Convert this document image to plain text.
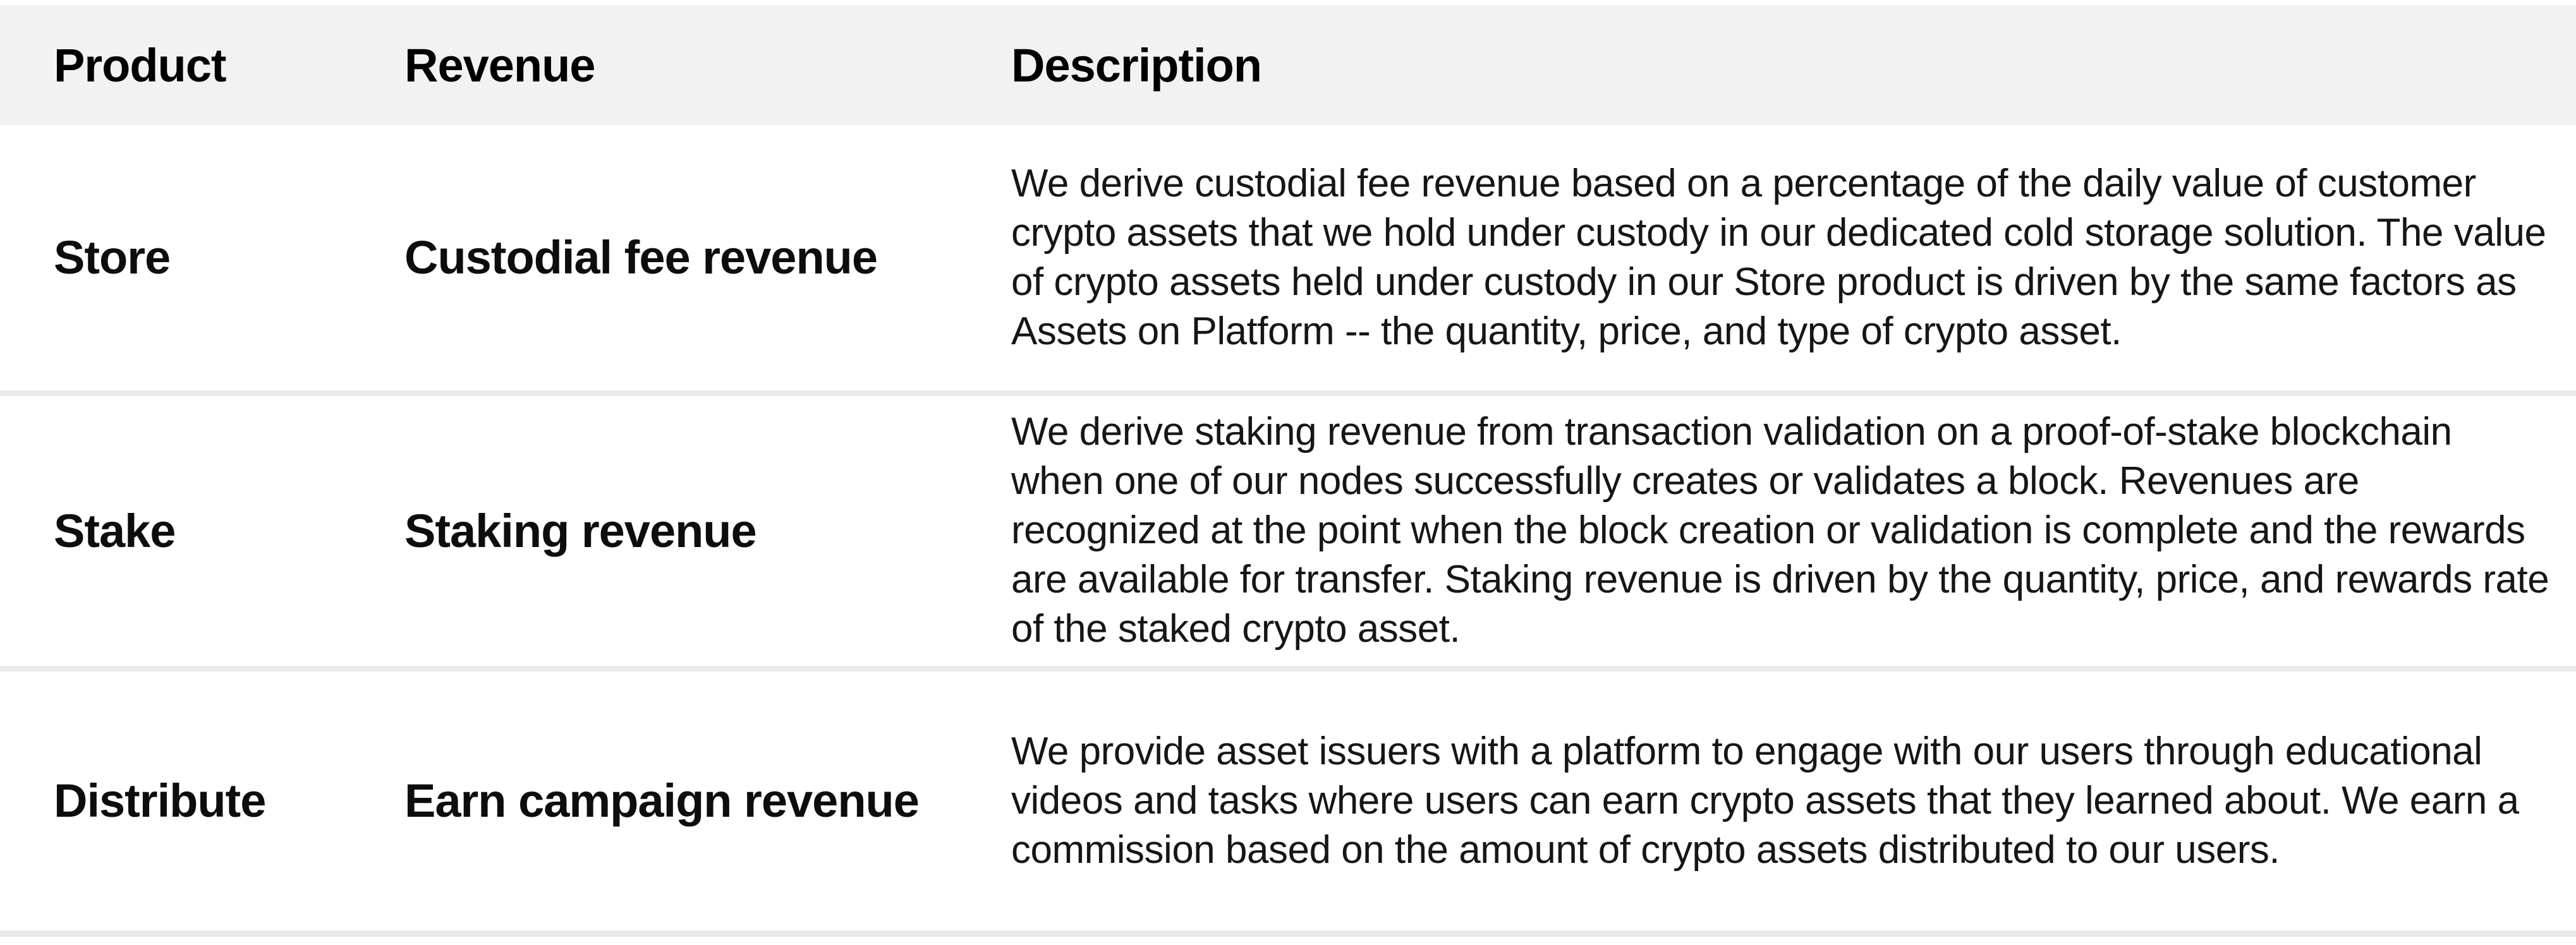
Product	Revenue	Description
Store	Custodial fee revenue	We derive custodial fee revenue based on a percentage of the daily value of customer crypto assets that we hold under custody in our dedicated cold storage solution. The value of crypto assets held under custody in our Store product is driven by the same factors as Assets on Platform -- the quantity, price, and type of crypto asset.
Stake	Staking revenue	We derive staking revenue from transaction validation on a proof-of-stake blockchain when one of our nodes successfully creates or validates a block. Revenues are recognized at the point when the block creation or validation is complete and the rewards are available for transfer. Staking revenue is driven by the quantity, price, and rewards rate of the staked crypto asset.
Distribute	Earn campaign revenue	We provide asset issuers with a platform to engage with our users through educational videos and tasks where users can earn crypto assets that they learned about. We earn a commission based on the amount of crypto assets distributed to our users.
